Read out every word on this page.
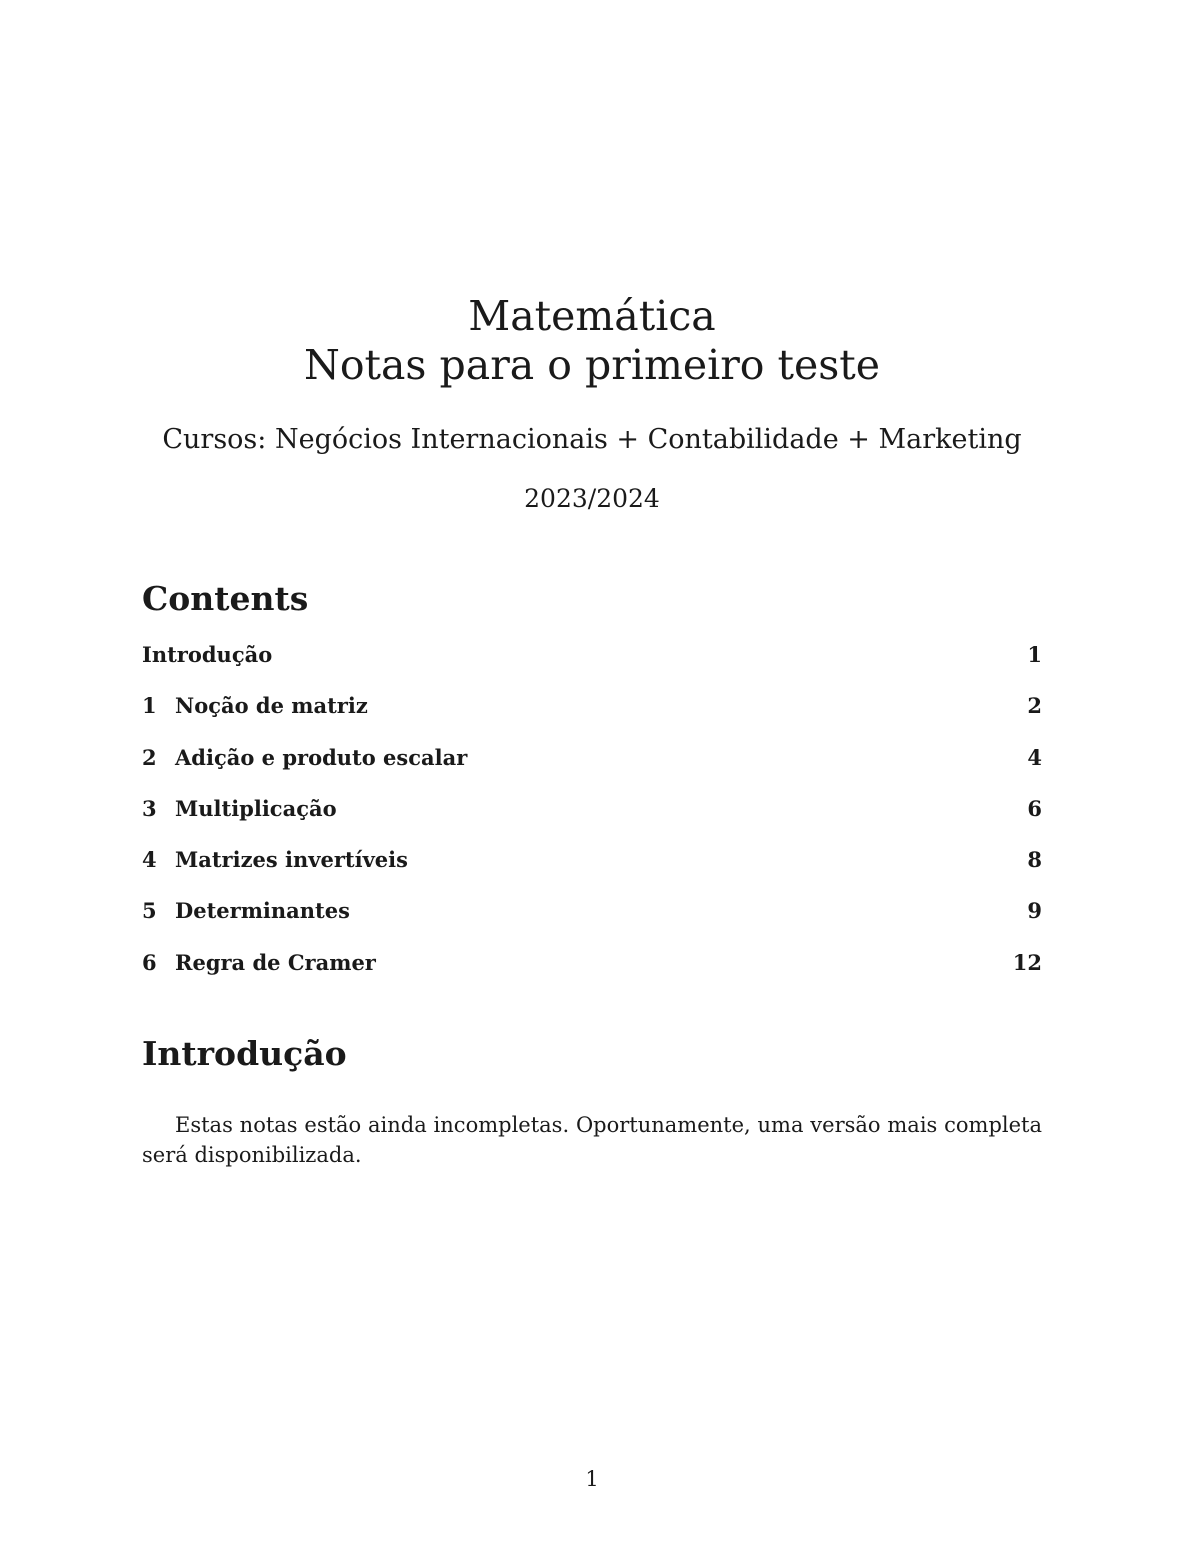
Matemática
Notas para o primeiro teste
Cursos: Negócios Internacionais + Contabilidade + Marketing
2023/2024
Contents
Introdução	1
1 Noção de matriz	2
2 Adição e produto escalar	4
3 Multiplicação	6
4 Matrizes invertíveis	8
5 Determinantes	9
6 Regra de Cramer	12
Introdução

Estas notas estão ainda incompletas. Oportunamente, uma versão mais completa será disponibilizada.

1
